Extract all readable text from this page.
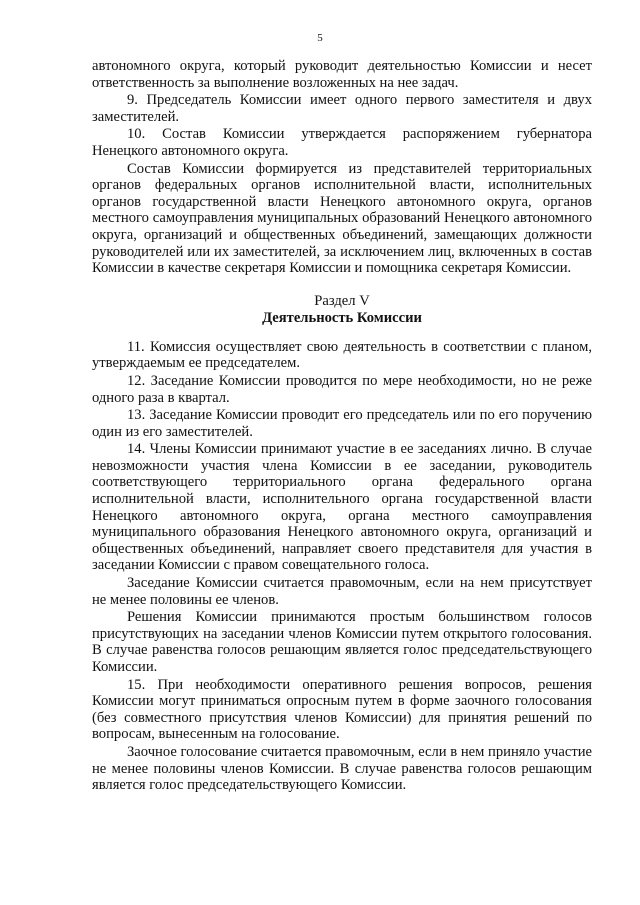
5

автономного округа, который руководит деятельностью Комиссии и несет ответственность за выполнение возложенных на нее задач.

9. Председатель Комиссии имеет одного первого заместителя и двух заместителей.

10. Состав Комиссии утверждается распоряжением губернатора Ненецкого автономного округа.

Состав Комиссии формируется из представителей территориальных органов федеральных органов исполнительной власти, исполнительных органов государственной власти Ненецкого автономного округа, органов местного самоуправления муниципальных образований Ненецкого автономного округа, организаций и общественных объединений, замещающих должности руководителей или их заместителей, за исключением лиц, включенных в состав Комиссии в качестве секретаря Комиссии и помощника секретаря Комиссии.

Раздел V
Деятельность Комиссии

11. Комиссия осуществляет свою деятельность в соответствии с планом, утверждаемым ее председателем.

12. Заседание Комиссии проводится по мере необходимости, но не реже одного раза в квартал.

13. Заседание Комиссии проводит его председатель или по его поручению один из его заместителей.

14. Члены Комиссии принимают участие в ее заседаниях лично. В случае невозможности участия члена Комиссии в ее заседании, руководитель соответствующего территориального органа федерального органа исполнительной власти, исполнительного органа государственной власти Ненецкого автономного округа, органа местного самоуправления муниципального образования Ненецкого автономного округа, организаций и общественных объединений, направляет своего представителя для участия в заседании Комиссии с правом совещательного голоса.

Заседание Комиссии считается правомочным, если на нем присутствует не менее половины ее членов.

Решения Комиссии принимаются простым большинством голосов присутствующих на заседании членов Комиссии путем открытого голосования. В случае равенства голосов решающим является голос председательствующего Комиссии.

15. При необходимости оперативного решения вопросов, решения Комиссии могут приниматься опросным путем в форме заочного голосования (без совместного присутствия членов Комиссии) для принятия решений по вопросам, вынесенным на голосование.

Заочное голосование считается правомочным, если в нем приняло участие не менее половины членов Комиссии. В случае равенства голосов решающим является голос председательствующего Комиссии.
